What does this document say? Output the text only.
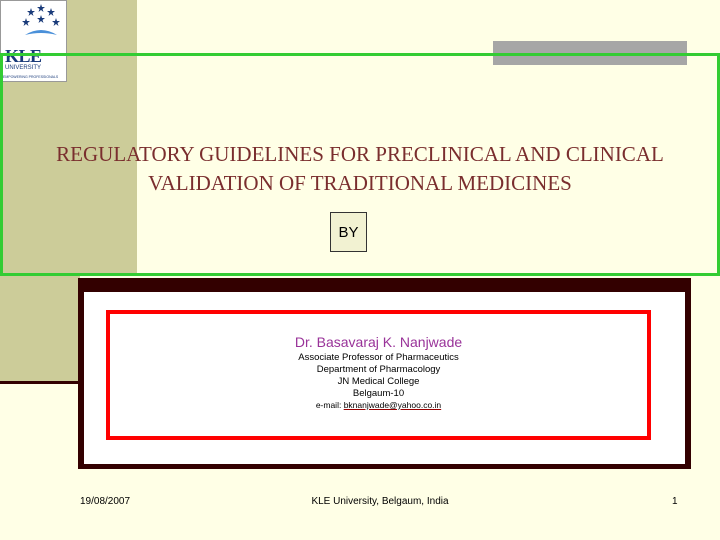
KLE
UNIVERSITY
EMPOWERING PROFESSIONALS
REGULATORY GUIDELINES FOR PRECLINICAL AND CLINICAL
VALIDATION OF TRADITIONAL MEDICINES
BY
Dr. Basavaraj K. Nanjwade
Associate Professor of Pharmaceutics
Department of Pharmacology
JN Medical College
Belgaum-10
e-mail: bknanjwade@yahoo.co.in
19/08/2007	KLE University, Belgaum, India	1
